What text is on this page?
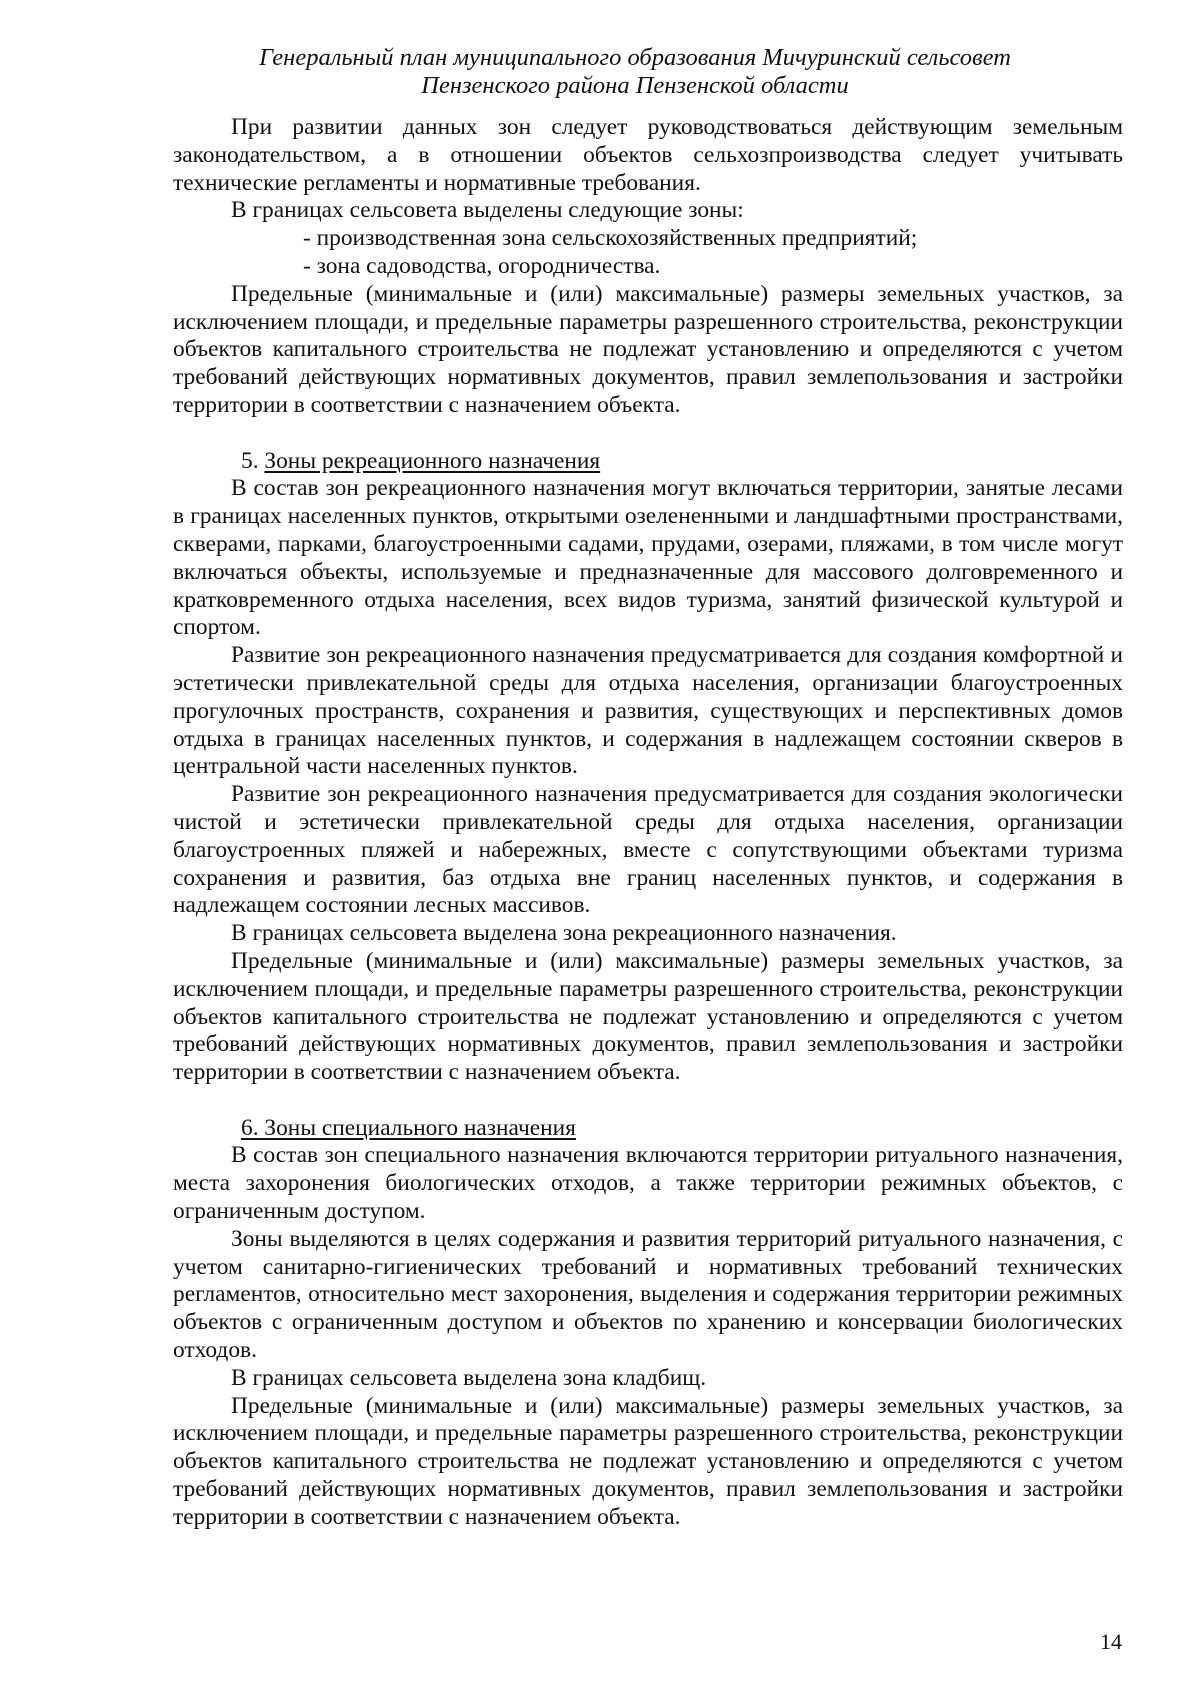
Генеральный план муниципального образования Мичуринский сельсовет
Пензенского района Пензенской области

При развитии данных зон следует руководствоваться действующим земельным законодательством, а в отношении объектов сельхозпроизводства следует учитывать технические регламенты и нормативные требования.

В границах сельсовета выделены следующие зоны:

- производственная зона сельскохозяйственных предприятий;

- зона садоводства, огородничества.

Предельные (минимальные и (или) максимальные) размеры земельных участков, за исключением площади, и предельные параметры разрешенного строительства, реконструкции объектов капитального строительства не подлежат установлению и определяются с учетом требований действующих нормативных документов, правил землепользования и застройки территории в соответствии с назначением объекта.

5. Зоны рекреационного назначения

В состав зон рекреационного назначения могут включаться территории, занятые лесами в границах населенных пунктов, открытыми озелененными и ландшафтными пространствами, скверами, парками, благоустроенными садами, прудами, озерами, пляжами, в том числе могут включаться объекты, используемые и предназначенные для массового долговременного и кратковременного отдыха населения, всех видов туризма, занятий физической культурой и спортом.

Развитие зон рекреационного назначения предусматривается для создания комфортной и эстетически привлекательной среды для отдыха населения, организации благоустроенных прогулочных пространств, сохранения и развития, существующих и перспективных домов отдыха в границах населенных пунктов, и содержания в надлежащем состоянии скверов в центральной части населенных пунктов.

Развитие зон рекреационного назначения предусматривается для создания экологически чистой и эстетически привлекательной среды для отдыха населения, организации благоустроенных пляжей и набережных, вместе с сопутствующими объектами туризма сохранения и развития, баз отдыха вне границ населенных пунктов, и содержания в надлежащем состоянии лесных массивов.

В границах сельсовета выделена зона рекреационного назначения.

Предельные (минимальные и (или) максимальные) размеры земельных участков, за исключением площади, и предельные параметры разрешенного строительства, реконструкции объектов капитального строительства не подлежат установлению и определяются с учетом требований действующих нормативных документов, правил землепользования и застройки территории в соответствии с назначением объекта.

6. Зоны специального назначения

В состав зон специального назначения включаются территории ритуального назначения, места захоронения биологических отходов, а также территории режимных объектов, с ограниченным доступом.

Зоны выделяются в целях содержания и развития территорий ритуального назначения, с учетом санитарно-гигиенических требований и нормативных требований технических регламентов, относительно мест захоронения, выделения и содержания территории режимных объектов с ограниченным доступом и объектов по хранению и консервации биологических отходов.

В границах сельсовета выделена зона кладбищ.

Предельные (минимальные и (или) максимальные) размеры земельных участков, за исключением площади, и предельные параметры разрешенного строительства, реконструкции объектов капитального строительства не подлежат установлению и определяются с учетом требований действующих нормативных документов, правил землепользования и застройки территории в соответствии с назначением объекта.

14
